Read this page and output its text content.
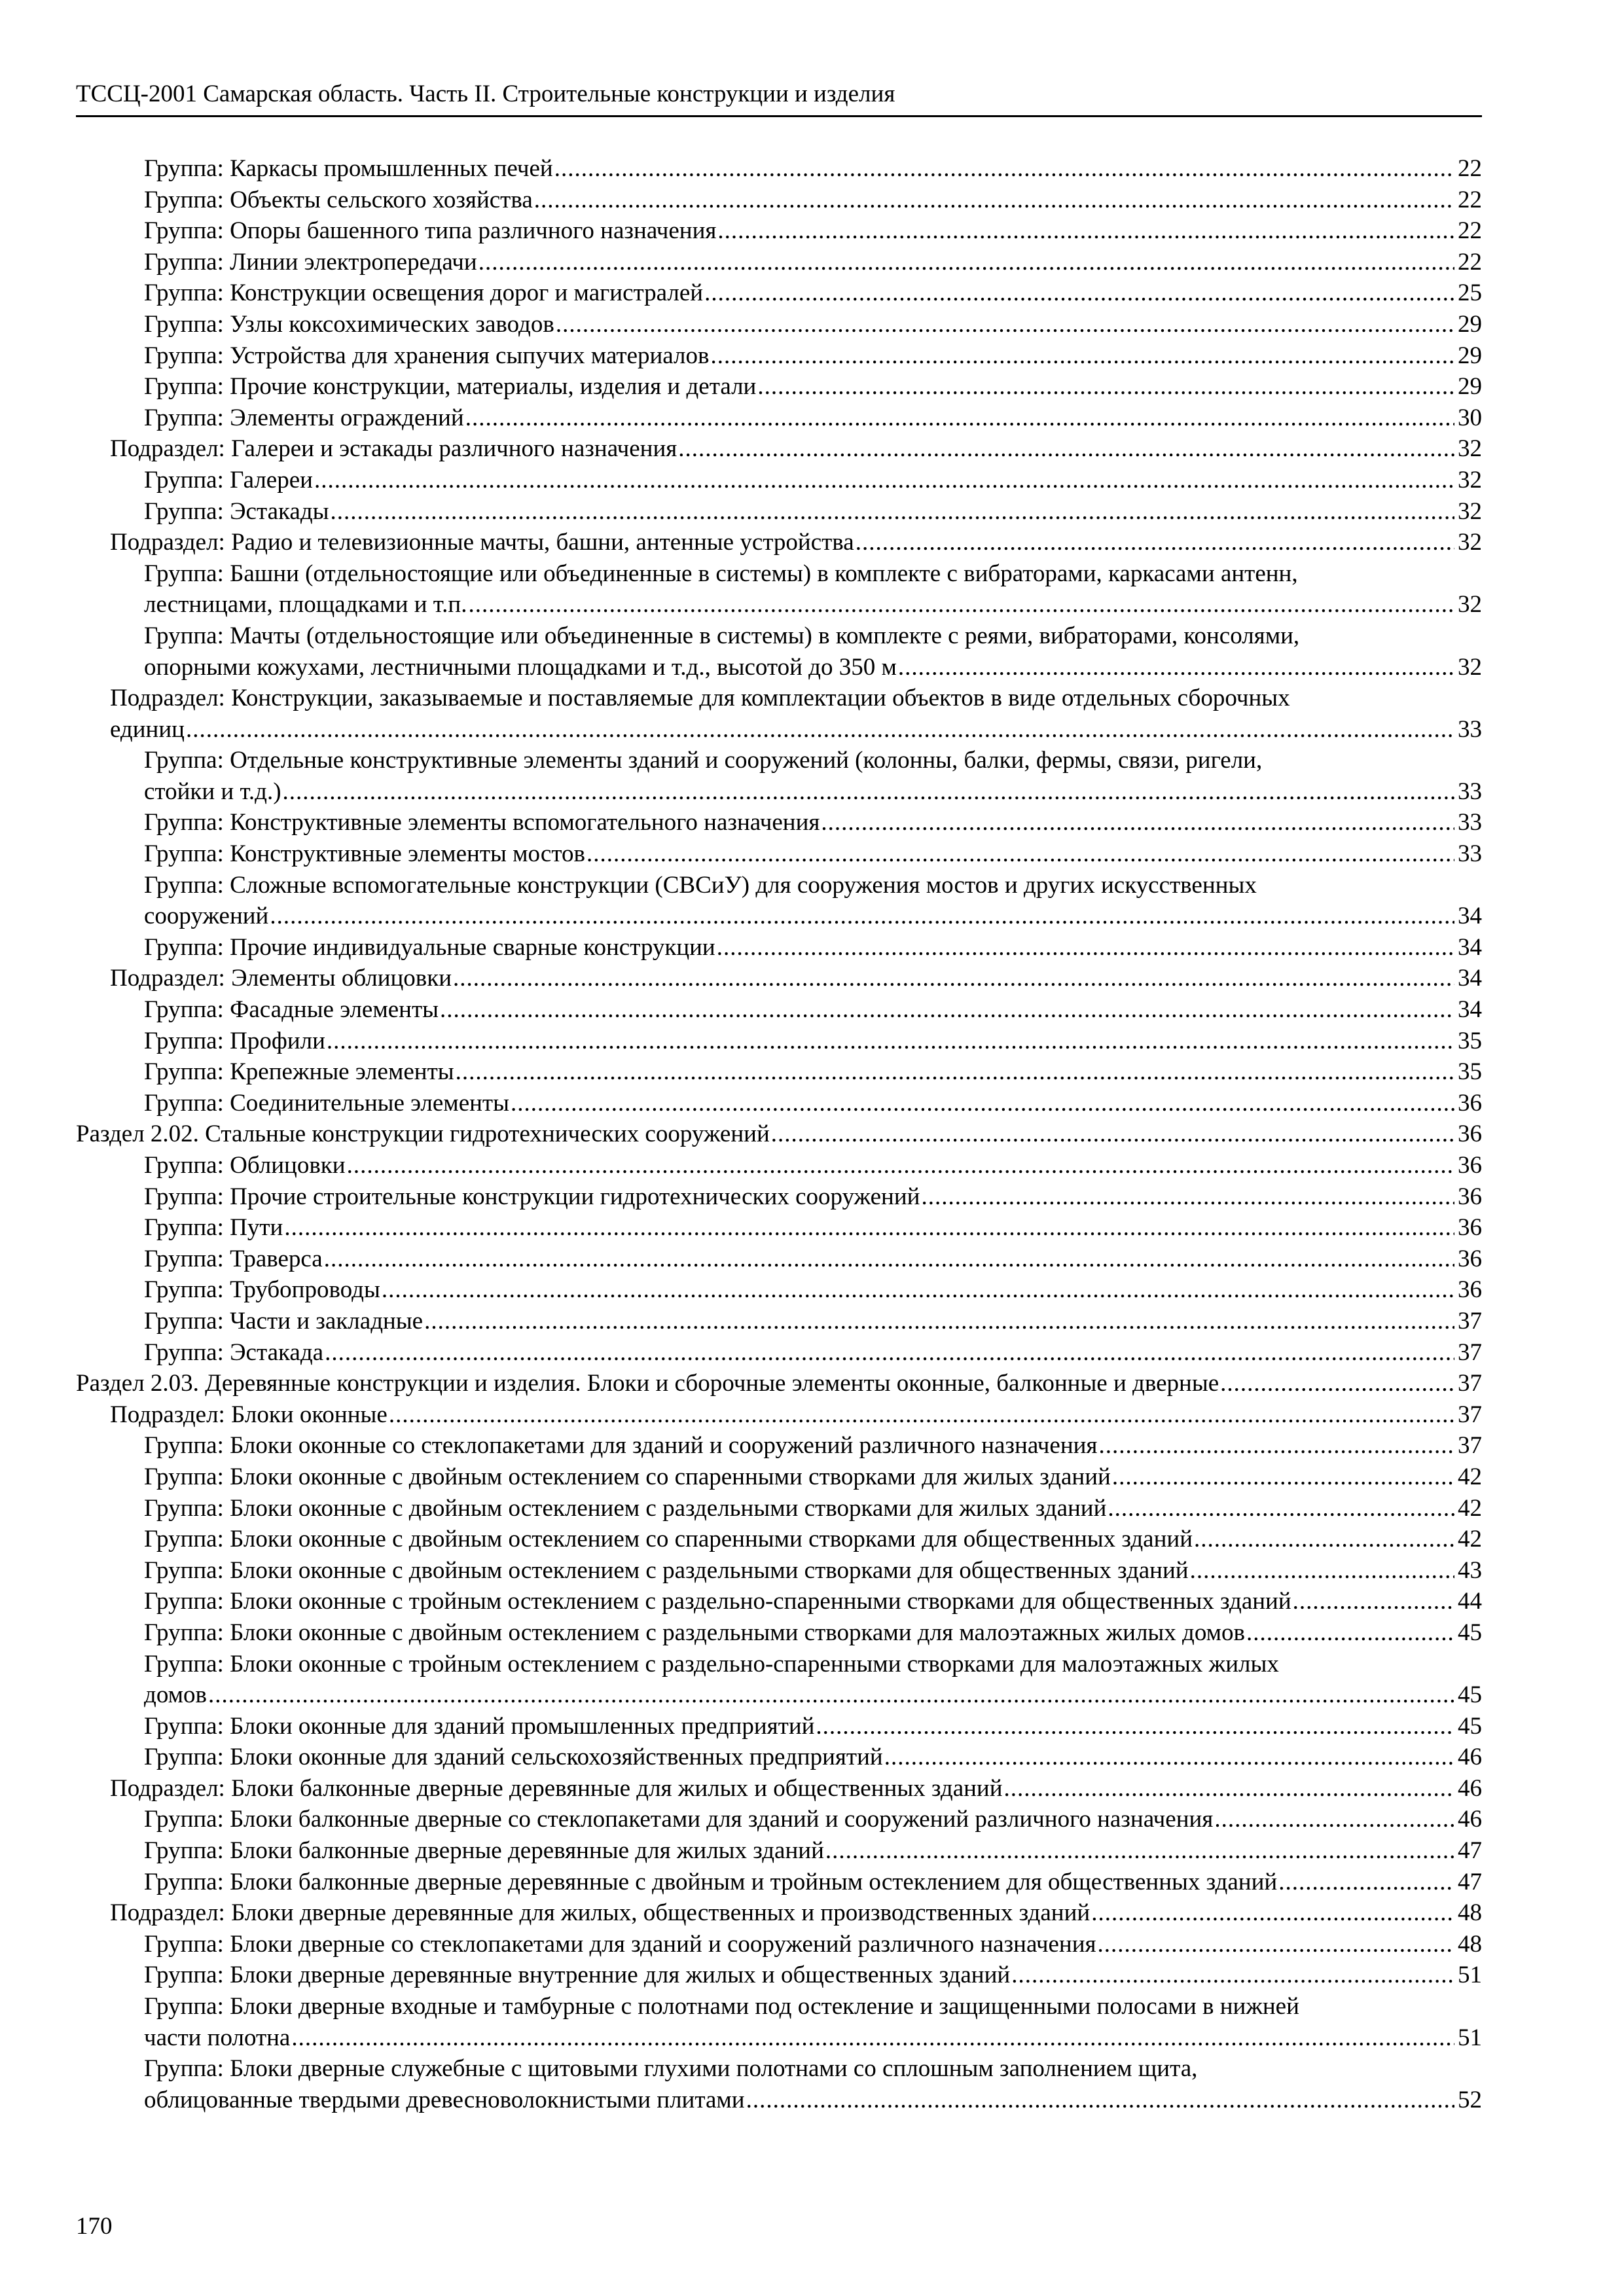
ТССЦ-2001 Самарская область. Часть II. Строительные конструкции и изделия
Группа: Каркасы промышленных печей .....	22
Группа: Объекты сельского хозяйства .....	22
Группа: Опоры башенного типа различного назначения .....	22
Группа: Линии электропередачи .....	22
Группа: Конструкции освещения дорог и магистралей .....	25
Группа: Узлы коксохимических заводов .....	29
Группа: Устройства для хранения сыпучих материалов .....	29
Группа: Прочие конструкции, материалы, изделия и детали .....	29
Группа: Элементы ограждений .....	30
Подраздел: Галереи и эстакады различного назначения .....	32
Группа: Галереи .....	32
Группа: Эстакады .....	32
Подраздел: Радио и телевизионные мачты, башни, антенные устройства .....	32
Группа: Башни (отдельностоящие или объединенные в системы) в комплекте с вибраторами, каркасами антенн,
лестницами, площадками и т.п. .....	32
Группа: Мачты (отдельностоящие или объединенные в системы) в комплекте с реями, вибраторами, консолями,
опорными кожухами, лестничными площадками и т.д., высотой до 350 м .....	32
Подраздел: Конструкции, заказываемые и поставляемые для комплектации объектов в виде отдельных сборочных
единиц .....	33
Группа: Отдельные конструктивные элементы зданий и сооружений (колонны, балки, фермы, связи, ригели,
стойки и т.д.) .....	33
Группа: Конструктивные элементы вспомогательного назначения .....	33
Группа: Конструктивные элементы мостов .....	33
Группа: Сложные вспомогательные конструкции (СВСиУ) для сооружения мостов и других искусственных
сооружений .....	34
Группа: Прочие индивидуальные сварные конструкции .....	34
Подраздел: Элементы облицовки .....	34
Группа: Фасадные элементы .....	34
Группа: Профили .....	35
Группа: Крепежные элементы .....	35
Группа: Соединительные элементы .....	36
Раздел 2.02. Стальные конструкции гидротехнических сооружений .....	36
Группа: Облицовки .....	36
Группа: Прочие строительные конструкции гидротехнических сооружений .....	36
Группа: Пути .....	36
Группа: Траверса .....	36
Группа: Трубопроводы .....	36
Группа: Части и закладные .....	37
Группа: Эстакада .....	37
Раздел 2.03. Деревянные конструкции и изделия. Блоки и сборочные элементы оконные, балконные и дверные .....	37
Подраздел: Блоки оконные .....	37
Группа: Блоки оконные со стеклопакетами для зданий и сооружений различного назначения .....	37
Группа: Блоки оконные с двойным остеклением со спаренными створками для жилых зданий .....	42
Группа: Блоки оконные с двойным остеклением с раздельными створками для жилых зданий .....	42
Группа: Блоки оконные с двойным остеклением со спаренными створками для общественных зданий .....	42
Группа: Блоки оконные с двойным остеклением с раздельными створками для общественных зданий .....	43
Группа: Блоки оконные с тройным остеклением с раздельно-спаренными створками для общественных зданий .....	44
Группа: Блоки оконные с двойным остеклением с раздельными створками для малоэтажных жилых домов .....	45
Группа: Блоки оконные с тройным остеклением с раздельно-спаренными створками для малоэтажных жилых
домов .....	45
Группа: Блоки оконные для зданий промышленных предприятий .....	45
Группа: Блоки оконные для зданий сельскохозяйственных предприятий .....	46
Подраздел: Блоки балконные дверные деревянные для жилых и общественных зданий .....	46
Группа: Блоки балконные дверные со стеклопакетами для зданий и сооружений различного назначения .....	46
Группа: Блоки балконные дверные деревянные для жилых зданий .....	47
Группа: Блоки балконные дверные деревянные с двойным и тройным остеклением для общественных зданий .....	47
Подраздел: Блоки дверные деревянные для жилых, общественных и производственных зданий .....	48
Группа: Блоки дверные со стеклопакетами для зданий и сооружений различного назначения .....	48
Группа: Блоки дверные деревянные внутренние для жилых и общественных зданий .....	51
Группа: Блоки дверные входные и тамбурные с полотнами под остекление и защищенными полосами в нижней
части полотна .....	51
Группа: Блоки дверные служебные с щитовыми глухими полотнами со сплошным заполнением щита,
облицованные твердыми древесноволокнистыми плитами .....	52
170
